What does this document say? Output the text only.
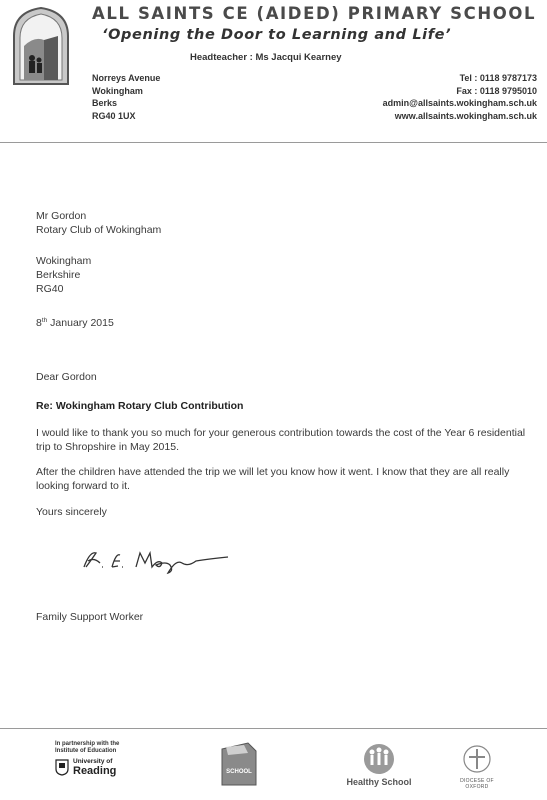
ALL SAINTS CE (AIDED) PRIMARY SCHOOL
‘Opening the Door to Learning and Life’
Headteacher : Ms Jacqui Kearney
Norreys Avenue
Wokingham
Berks
RG40 1UX
Tel : 0118 9787173
Fax : 0118 9795010
admin@allsaints.wokingham.sch.uk
www.allsaints.wokingham.sch.uk
Mr Gordon
Rotary Club of Wokingham
Wokingham
Berkshire
RG40
8th January 2015
Dear Gordon
Re: Wokingham Rotary Club Contribution
I would like to thank you so much for your generous contribution towards the cost of the Year 6 residential trip to Shropshire in May 2015.
After the children have attended the trip we will let you know how it went. I know that they are all really looking forward to it.
Yours sincerely
Family Support Worker
In partnership with the
Institute of Education
University of
Reading	SCHOOL
Healthy School	DIOCESE OF
OXFORD
